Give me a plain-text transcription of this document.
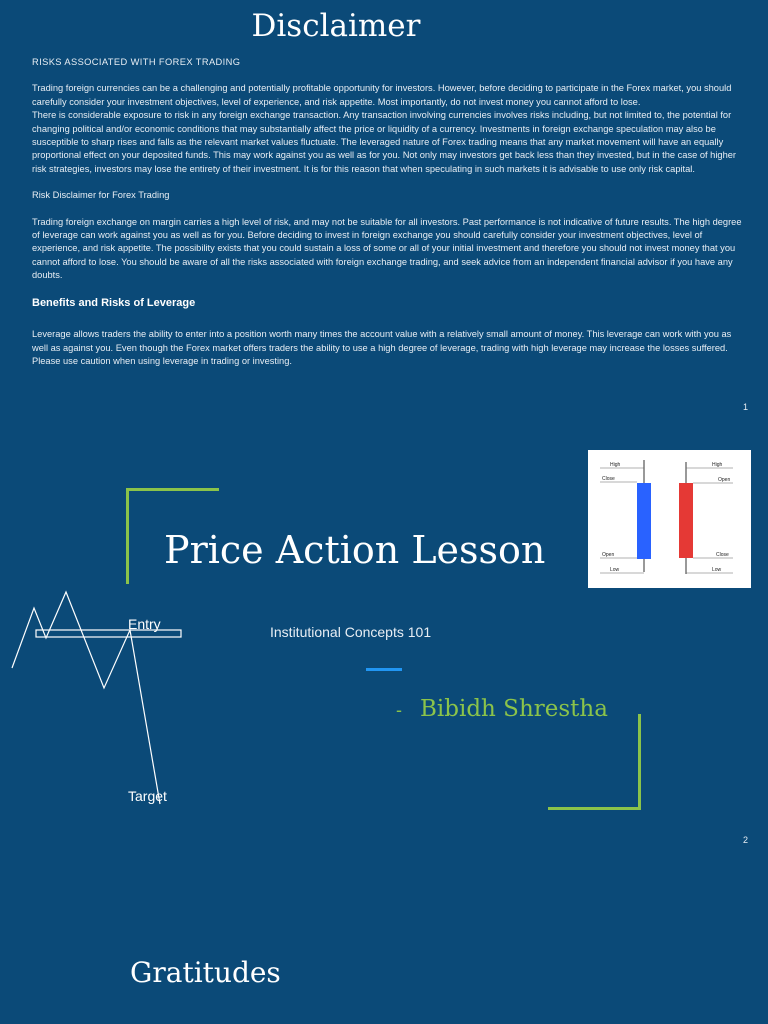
Disclaimer

RISKS ASSOCIATED WITH FOREX TRADING

Trading foreign currencies can be a challenging and potentially profitable opportunity for investors. However, before deciding to participate in the Forex market, you should carefully consider your investment objectives, level of experience, and risk appetite. Most importantly, do not invest money you cannot afford to lose.

There is considerable exposure to risk in any foreign exchange transaction. Any transaction involving currencies involves risks including, but not limited to, the potential for changing political and/or economic conditions that may substantially affect the price or liquidity of a currency. Investments in foreign exchange speculation may also be susceptible to sharp rises and falls as the relevant market values fluctuate. The leveraged nature of Forex trading means that any market movement will have an equally proportional effect on your deposited funds. This may work against you as well as for you. Not only may investors get back less than they invested, but in the case of higher risk strategies, investors may lose the entirety of their investment. It is for this reason that when speculating in such markets it is advisable to use only risk capital.

Risk Disclaimer for Forex Trading

Trading foreign exchange on margin carries a high level of risk, and may not be suitable for all investors. Past performance is not indicative of future results. The high degree of leverage can work against you as well as for you. Before deciding to invest in foreign exchange you should carefully consider your investment objectives, level of experience, and risk appetite. The possibility exists that you could sustain a loss of some or all of your initial investment and therefore you should not invest money that you cannot afford to lose. You should be aware of all the risks associated with foreign exchange trading, and seek advice from an independent financial advisor if you have any doubts.

Benefits and Risks of Leverage

Leverage allows traders the ability to enter into a position worth many times the account value with a relatively small amount of money. This leverage can work with you as well as against you. Even though the Forex market offers traders the ability to use a high degree of leverage, trading with high leverage may increase the losses suffered. Please use caution when using leverage in trading or investing.

1
High
Close
Open
Low
High
Open
Close
Low
Price Action Lesson
Entry
Target
Institutional Concepts 101
- Bibidh Shrestha
2
Gratitudes
